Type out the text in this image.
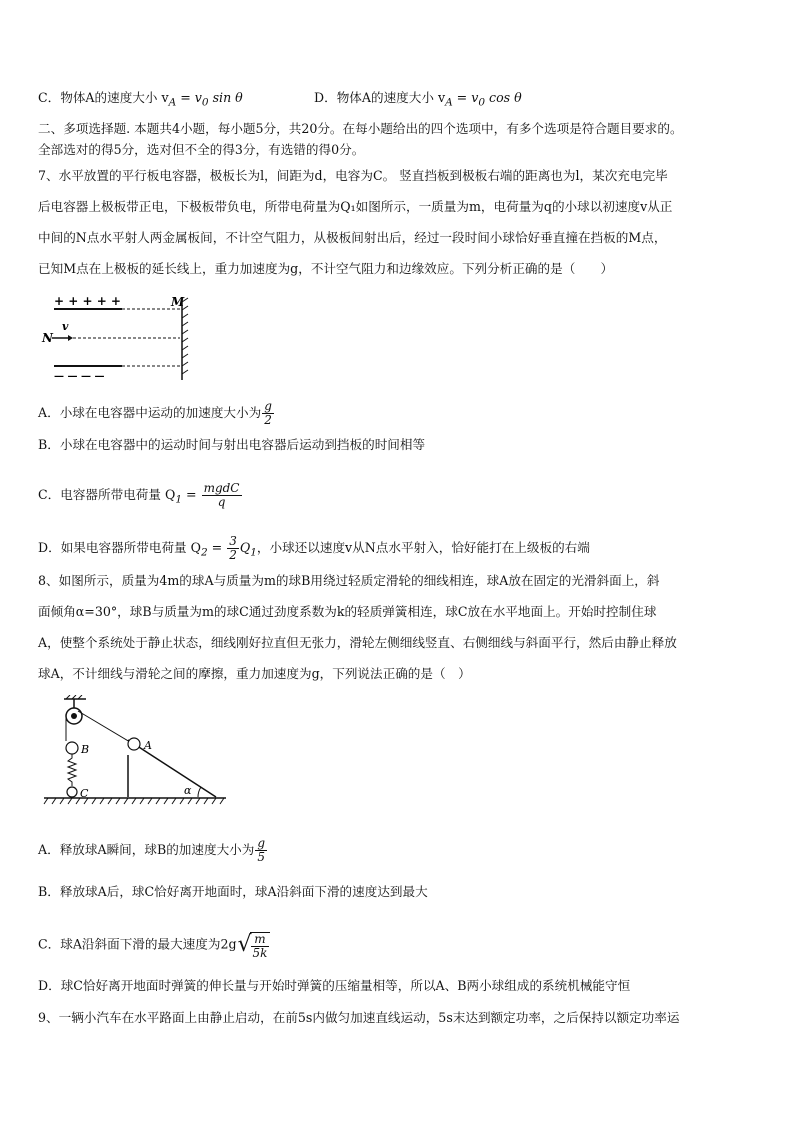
C．物体A的速度大小 $v_A = v_0$ sin θ	D．物体A的速度大小 $v_A = v_0$ cos θ
二、多项选择题. 本题共4小题，每小题5分，共20分。在每小题给出的四个选项中，有多个选项是符合题目要求的。
全部选对的得5分，选对但不全的得3分，有选错的得0分。
7、水平放置的平行板电容器，极板长为l，间距为d，电容为C。 竖直挡板到极板右端的距离也为l，某次充电完毕
后电容器上极板带正电，下极板带负电，所带电荷量为Q₁如图所示，一质量为m，电荷量为q的小球以初速度v从正
中间的N点水平射人两金属板间，不计空气阻力，从极板间射出后，经过一段时间小球恰好垂直撞在挡板的M点，
已知M点在上极板的延长线上，重力加速度为g，不计空气阻力和边缘效应。下列分析正确的是（　　）
+ + + + +	M
N
v
— — — —
A．小球在电容器中运动的加速度大小为 $\frac{g}{2}$
B．小球在电容器中的运动时间与射出电容器后运动到挡板的时间相等
C．电容器所带电荷量 $Q_1 = \frac{\text{mgdC}}{q}$
D．如果电容器所带电荷量 $Q_2 = \frac{3}{2} Q_1$，小球还以速度v从N点水平射入，恰好能打在上级板的右端
8、如图所示，质量为4m的球A与质量为m的球B用绕过轻质定滑轮的细线相连，球A放在固定的光滑斜面上，斜
面倾角α=30°，球B与质量为m的球C通过劲度系数为k的轻质弹簧相连，球C放在水平地面上。开始时控制住球
A，使整个系统处于静止状态，细线刚好拉直但无张力，滑轮左侧细线竖直、右侧细线与斜面平行，然后由静止释放
球A，不计细线与滑轮之间的摩擦，重力加速度为g，下列说法正确的是（　）
B
C
A
α
A．释放球A瞬间，球B的加速度大小为 $\frac{g}{5}$
B．释放球A后，球C恰好离开地面时，球A沿斜面下滑的速度达到最大
C．球A沿斜面下滑的最大速度为2g √
$\frac{m}{5k}$
D．球C恰好离开地面时弹簧的伸长量与开始时弹簧的压缩量相等，所以A、B两小球组成的系统机械能守恒
9、一辆小汽车在水平路面上由静止启动，在前5s内做匀加速直线运动，5s末达到额定功率，之后保持以额定功率运
